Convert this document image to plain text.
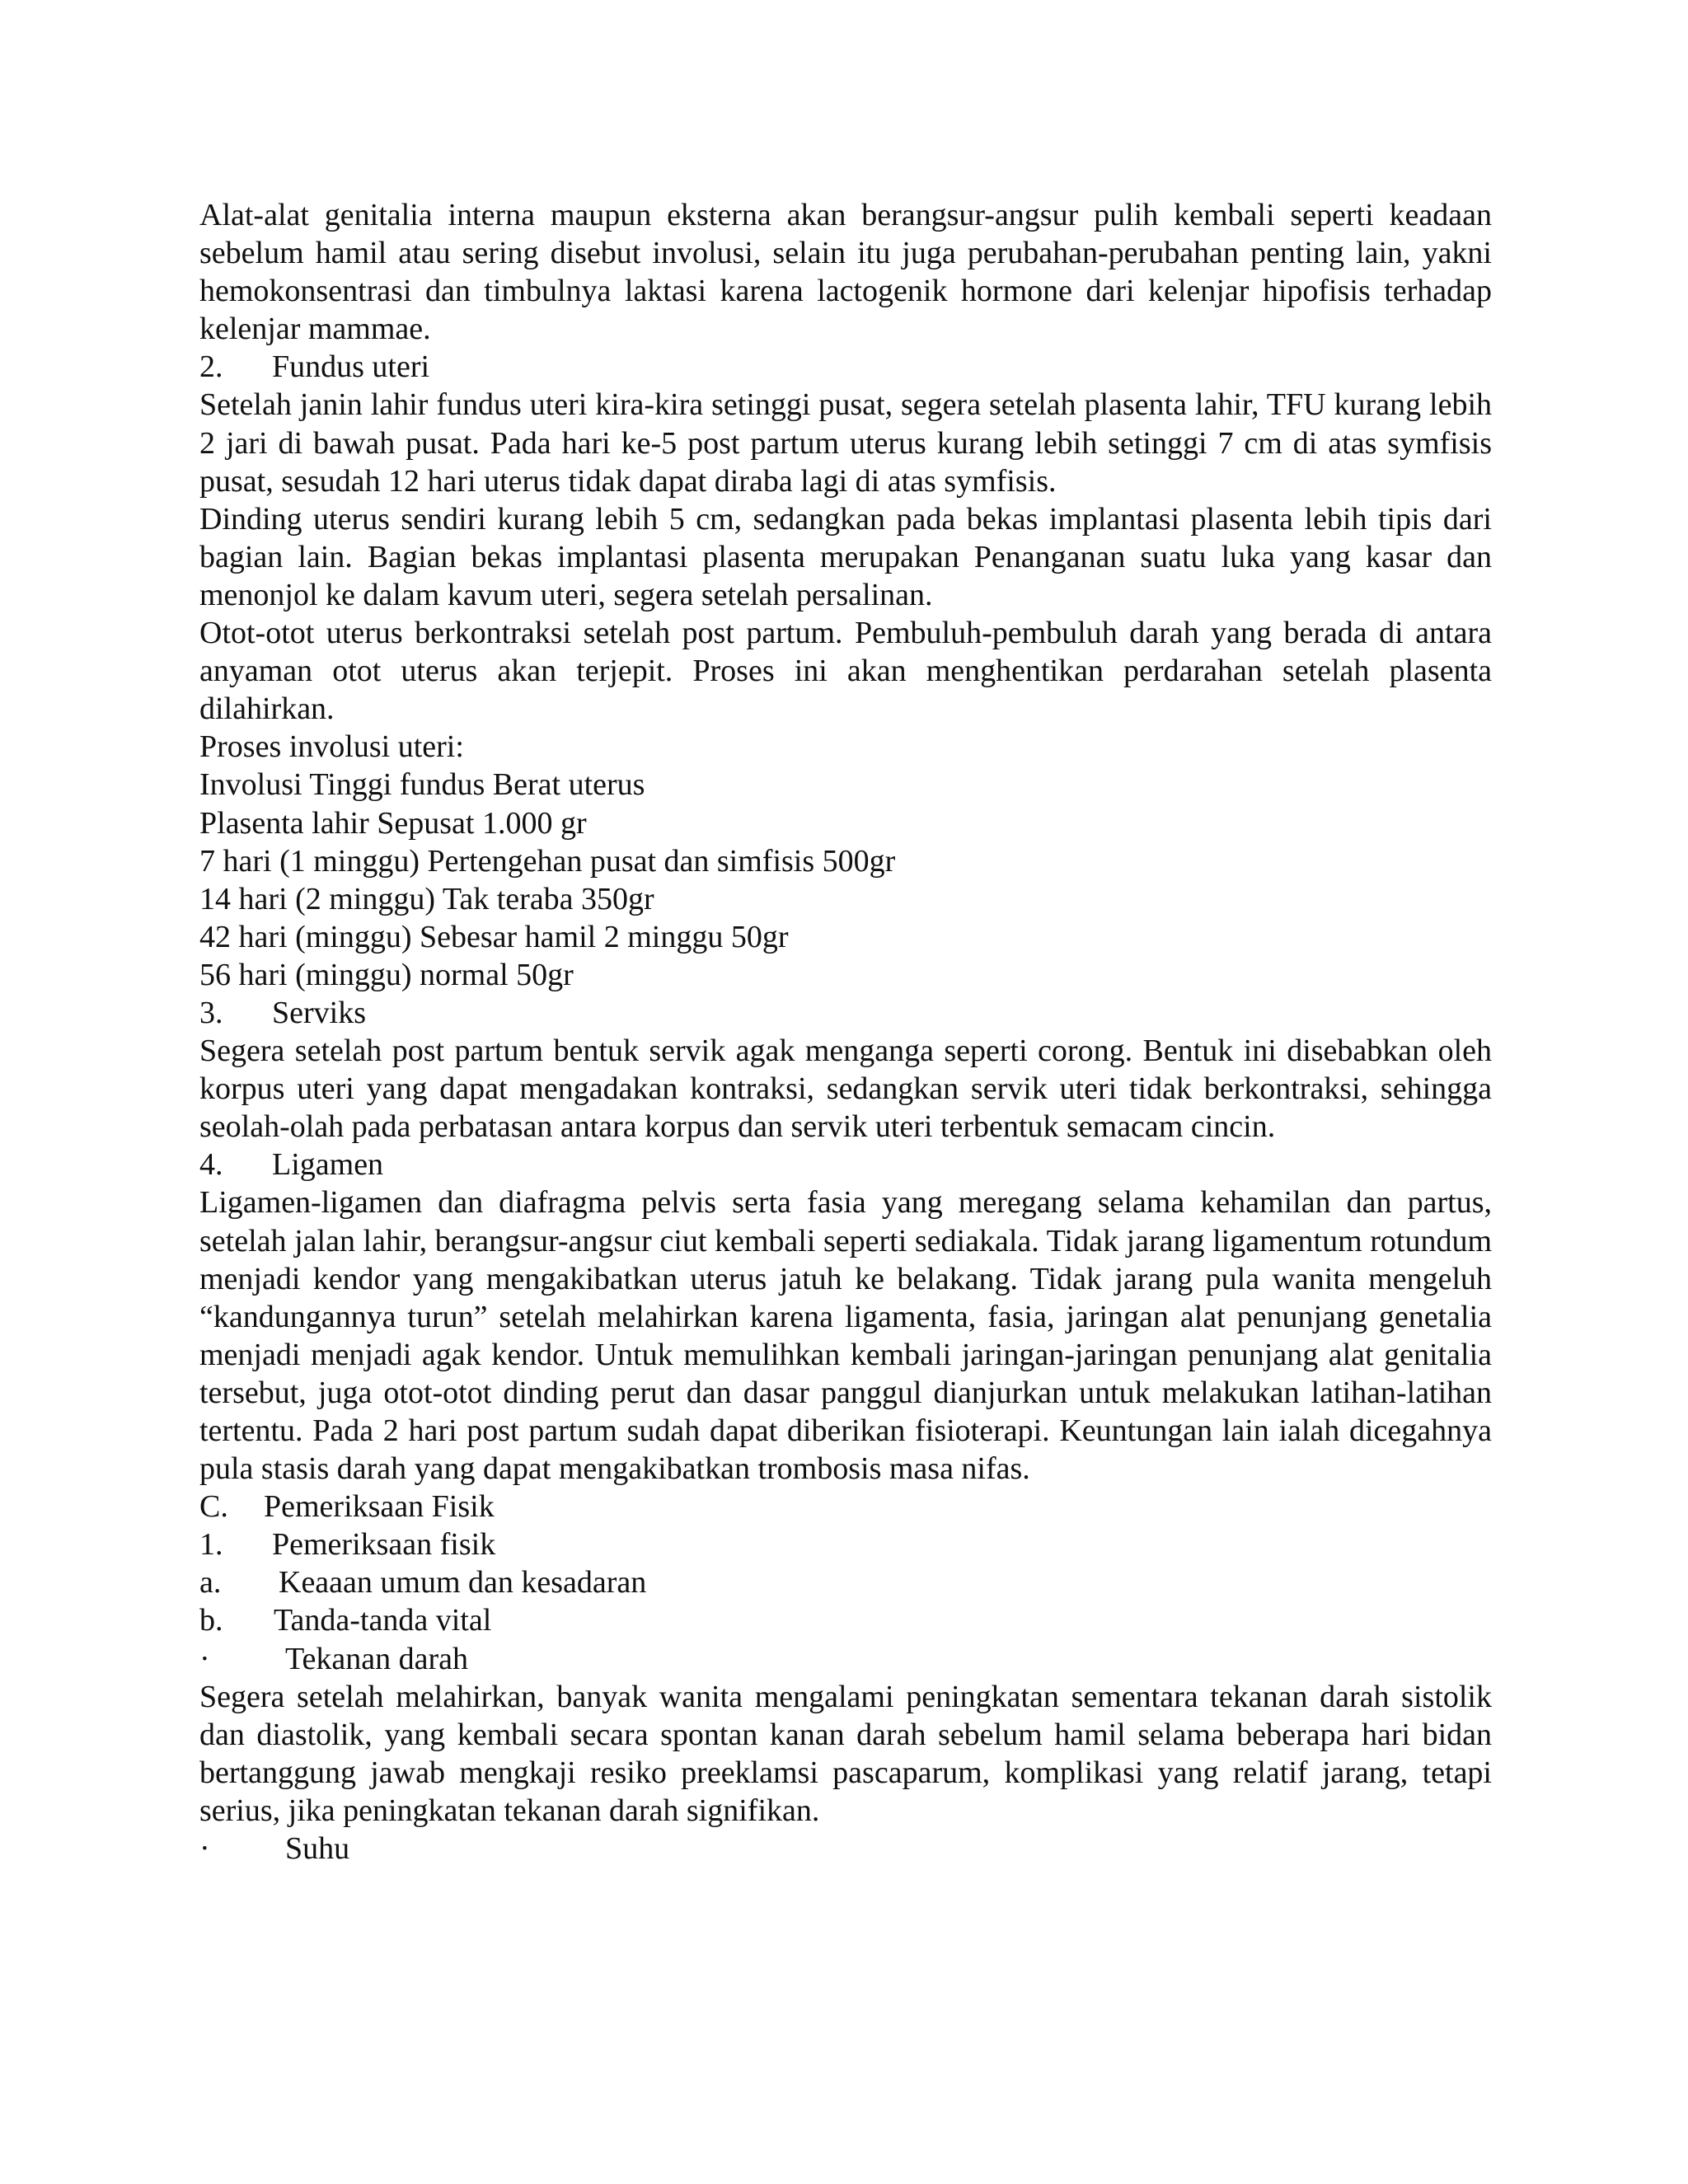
Alat-alat genitalia interna maupun eksterna akan berangsur-angsur pulih kembali seperti keadaan sebelum hamil atau sering disebut involusi, selain itu juga perubahan-perubahan penting lain, yakni hemokonsentrasi dan timbulnya laktasi karena lactogenik hormone dari kelenjar hipofisis terhadap kelenjar mammae.
2. Fundus uteri
Setelah janin lahir fundus uteri kira-kira setinggi pusat, segera setelah plasenta lahir, TFU kurang lebih 2 jari di bawah pusat. Pada hari ke-5 post partum uterus kurang lebih setinggi 7 cm di atas symfisis pusat, sesudah 12 hari uterus tidak dapat diraba lagi di atas symfisis.
Dinding uterus sendiri kurang lebih 5 cm, sedangkan pada bekas implantasi plasenta lebih tipis dari bagian lain. Bagian bekas implantasi plasenta merupakan Penanganan suatu luka yang kasar dan menonjol ke dalam kavum uteri, segera setelah persalinan.
Otot-otot uterus berkontraksi setelah post partum. Pembuluh-pembuluh darah yang berada di antara anyaman otot uterus akan terjepit. Proses ini akan menghentikan perdarahan setelah plasenta dilahirkan.
Proses involusi uteri:
Involusi Tinggi fundus Berat uterus
Plasenta lahir Sepusat 1.000 gr
7 hari (1 minggu) Pertengehan pusat dan simfisis 500gr
14 hari (2 minggu) Tak teraba 350gr
42 hari (minggu) Sebesar hamil 2 minggu 50gr
56 hari (minggu) normal 50gr
3. Serviks
Segera setelah post partum bentuk servik agak menganga seperti corong. Bentuk ini disebabkan oleh korpus uteri yang dapat mengadakan kontraksi, sedangkan servik uteri tidak berkontraksi, sehingga seolah-olah pada perbatasan antara korpus dan servik uteri terbentuk semacam cincin.
4. Ligamen
Ligamen-ligamen dan diafragma pelvis serta fasia yang meregang selama kehamilan dan partus, setelah jalan lahir, berangsur-angsur ciut kembali seperti sediakala. Tidak jarang ligamentum rotundum menjadi kendor yang mengakibatkan uterus jatuh ke belakang. Tidak jarang pula wanita mengeluh “kandungannya turun” setelah melahirkan karena ligamenta, fasia, jaringan alat penunjang genetalia menjadi menjadi agak kendor. Untuk memulihkan kembali jaringan-jaringan penunjang alat genitalia tersebut, juga otot-otot dinding perut dan dasar panggul dianjurkan untuk melakukan latihan-latihan tertentu. Pada 2 hari post partum sudah dapat diberikan fisioterapi. Keuntungan lain ialah dicegahnya pula stasis darah yang dapat mengakibatkan trombosis masa nifas.
C. Pemeriksaan Fisik
1. Pemeriksaan fisik
a. Keaaan umum dan kesadaran
b. Tanda-tanda vital
· Tekanan darah
Segera setelah melahirkan, banyak wanita mengalami peningkatan sementara tekanan darah sistolik dan diastolik, yang kembali secara spontan kanan darah sebelum hamil selama beberapa hari bidan bertanggung jawab mengkaji resiko preeklamsi pascaparum, komplikasi yang relatif jarang, tetapi serius, jika peningkatan tekanan darah signifikan.
· Suhu
